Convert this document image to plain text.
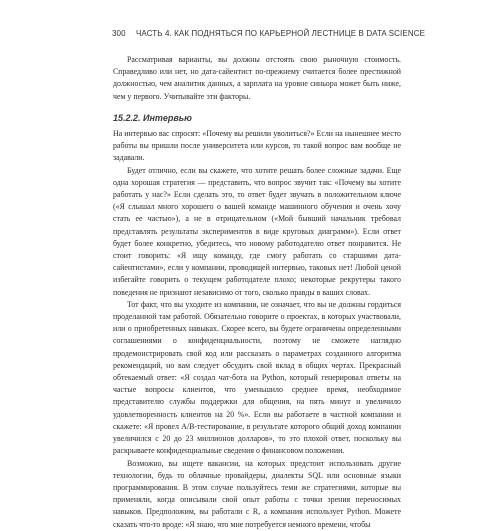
300 ЧАСТЬ 4. КАК ПОДНЯТЬСЯ ПО КАРЬЕРНОЙ ЛЕСТНИЦЕ В DATA SCIENCE

Рассматривая варианты, вы должны отстоять свою рыночную стоимость. Справедливо или нет, но дата-сайентист по-прежнему считается более престижной должностью, чем аналитик данных, а зарплата на уровне синьора может быть ниже, чем у первого. Учитывайте эти факторы.

15.2.2. Интервью

На интервью вас спросят: «Почему вы решили уволиться?» Если на нынешнее место работы вы пришли после университета или курсов, то такой вопрос вам вообще не задавали.

Будет отлично, если вы скажете, что хотите решать более сложные задачи. Еще одна хорошая стратегия — представить, что вопрос звучит так: «Почему вы хотите работать у нас?» Если сделать это, то ответ будет звучать в положительном ключе («Я слышал много хорошего о вашей команде машинного обучения и очень хочу стать ее частью»), а не в отрицательном («Мой бывший начальник требовал представлять результаты экспериментов в виде круговых диаграмм»). Если ответ будет более конкретно, убедитесь, что новому работодателю ответ понравится. Не стоит говорить: «Я ищу команду, где смогу работать со старшими дата-сайентистами», если у компании, проводящей интервью, таковых нет! Любой ценой избегайте говорить о текущем работодателе плохо; некоторые рекрутеры такого поведения не признают независимо от того, сколько правды в ваших словах.

Тот факт, что вы уходите из компании, не означает, что вы не должны гордиться проделанной там работой. Обязательно говорите о проектах, в которых участвовали, или о приобретенных навыках. Скорее всего, вы будете ограничены определенными соглашениями о конфиденциальности, поэтому не сможете наглядно продемонстрировать свой код или рассказать о параметрах созданного алгоритма рекомендаций, но вам следует обсудить свой вклад в общих чертах. Прекрасный обтекаемый ответ: «Я создал чат-бота на Python, который генерировал ответы на частые вопросы клиентов, что уменьшило среднее время, необходимое представителю службы поддержки для общения, на пять минут и увеличило удовлетворенность клиентов на 20 %». Если вы работаете в частной компании и скажете: «Я провел А/В-тестирование, в результате которого общий доход компании увеличился с 20 до 23 миллионов долларов», то это плохой ответ, поскольку вы раскрываете конфиденциальные сведения о финансовом положении.

Возможно, вы ищете вакансии, на которых предстоит использовать другие технологии, будь то облачные провайдеры, диалекты SQL или основные языки программирования. В этом случае пользуйтесь теми же стратегиями, которые вы применяли, когда описывали свой опыт работы с точки зрения переносимых навыков. Предположим, вы работали с R, а компания использует Python. Можете сказать что-то вроде: «Я знаю, что мне потребуется немного времени, чтобы
